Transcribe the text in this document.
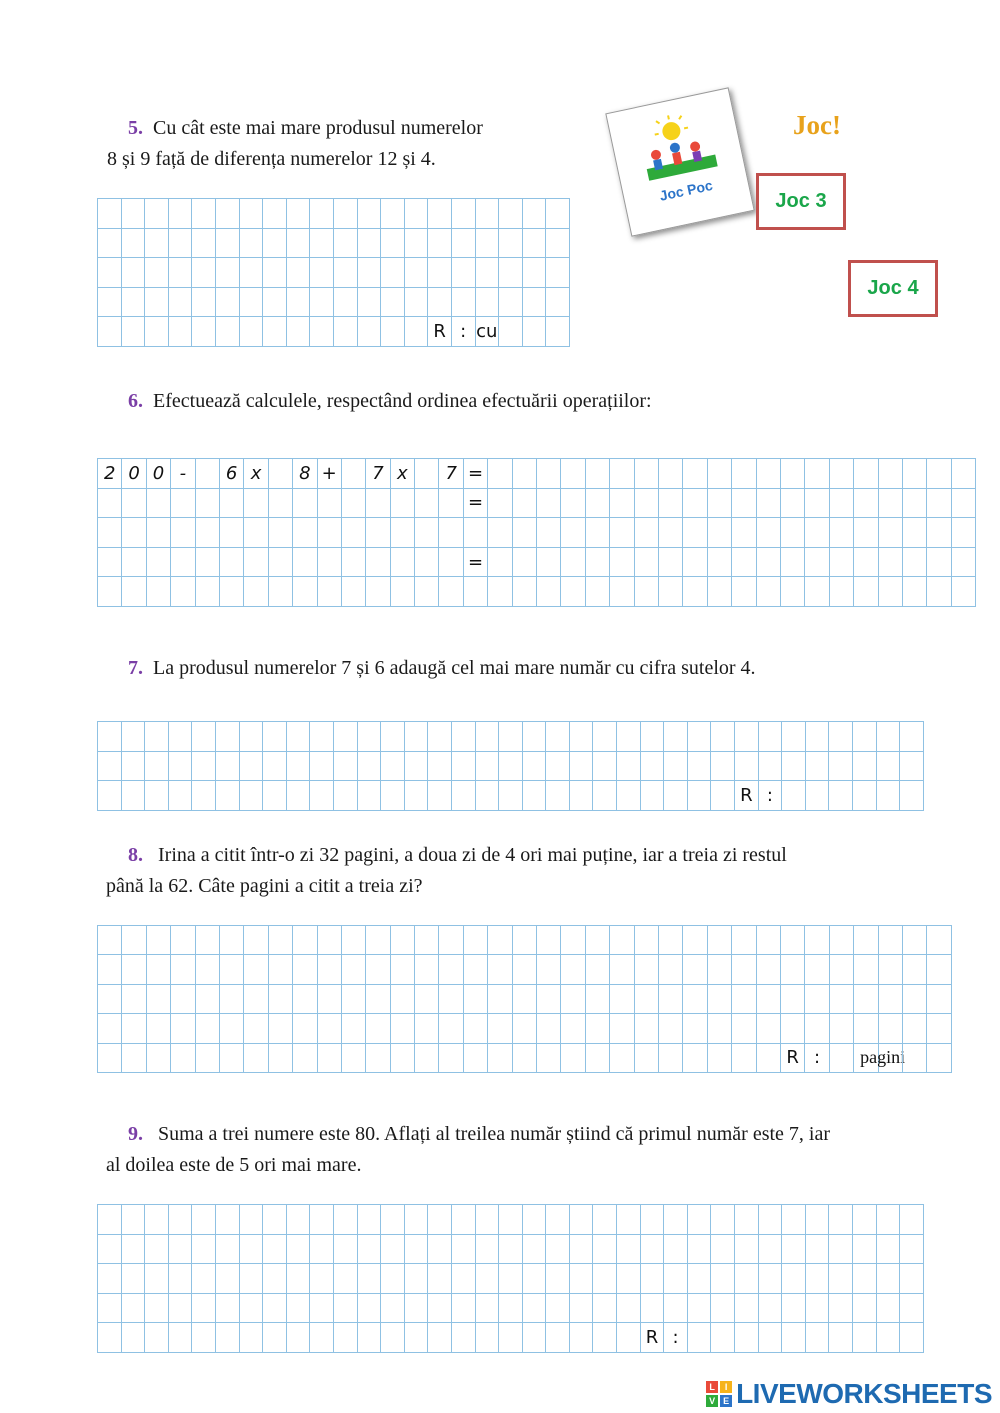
5. Cu cât este mai mare produsul numerelor
8 și 9 față de diferența numerelor 12 și 4.
R : cu
Joc Poc
Joc!
Joc 3
Joc 4
6. Efectuează calculele, respectând ordinea efectuării operațiilor:
2 0 0 -	6 x	8 +	7 x	7 =
=
=
7. La produsul numerelor 7 și 6 adaugă cel mai mare număr cu cifra sutelor 4.
R :
8. Irina a citit într-o zi 32 pagini, a doua zi de 4 ori mai puține, iar a treia zi restul
până la 62. Câte pagini a citit a treia zi?
R :	pagini
9. Suma a trei numere este 80. Aflați al treilea număr știind că primul număr este 7, iar
al doilea este de 5 ori mai mare.
R :
L	I
V E LIVEWORKSHEETS
